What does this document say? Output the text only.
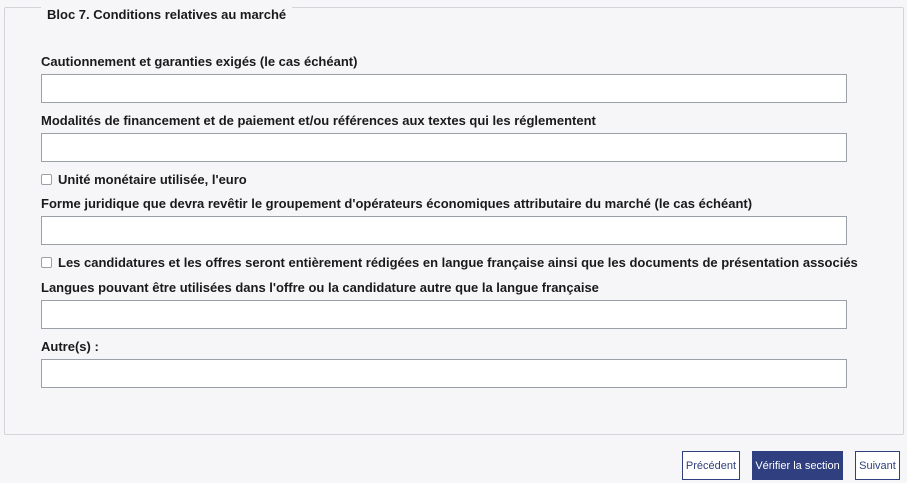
Bloc 7. Conditions relatives au marché
Cautionnement et garanties exigés (le cas échéant)
Modalités de financement et de paiement et/ou références aux textes qui les réglementent
Unité monétaire utilisée, l'euro
Forme juridique que devra revêtir le groupement d'opérateurs économiques attributaire du marché (le cas échéant)
Les candidatures et les offres seront entièrement rédigées en langue française ainsi que les documents de présentation associés
Langues pouvant être utilisées dans l'offre ou la candidature autre que la langue française
Autre(s) :
Précédent	Vérifier la section	Suivant
